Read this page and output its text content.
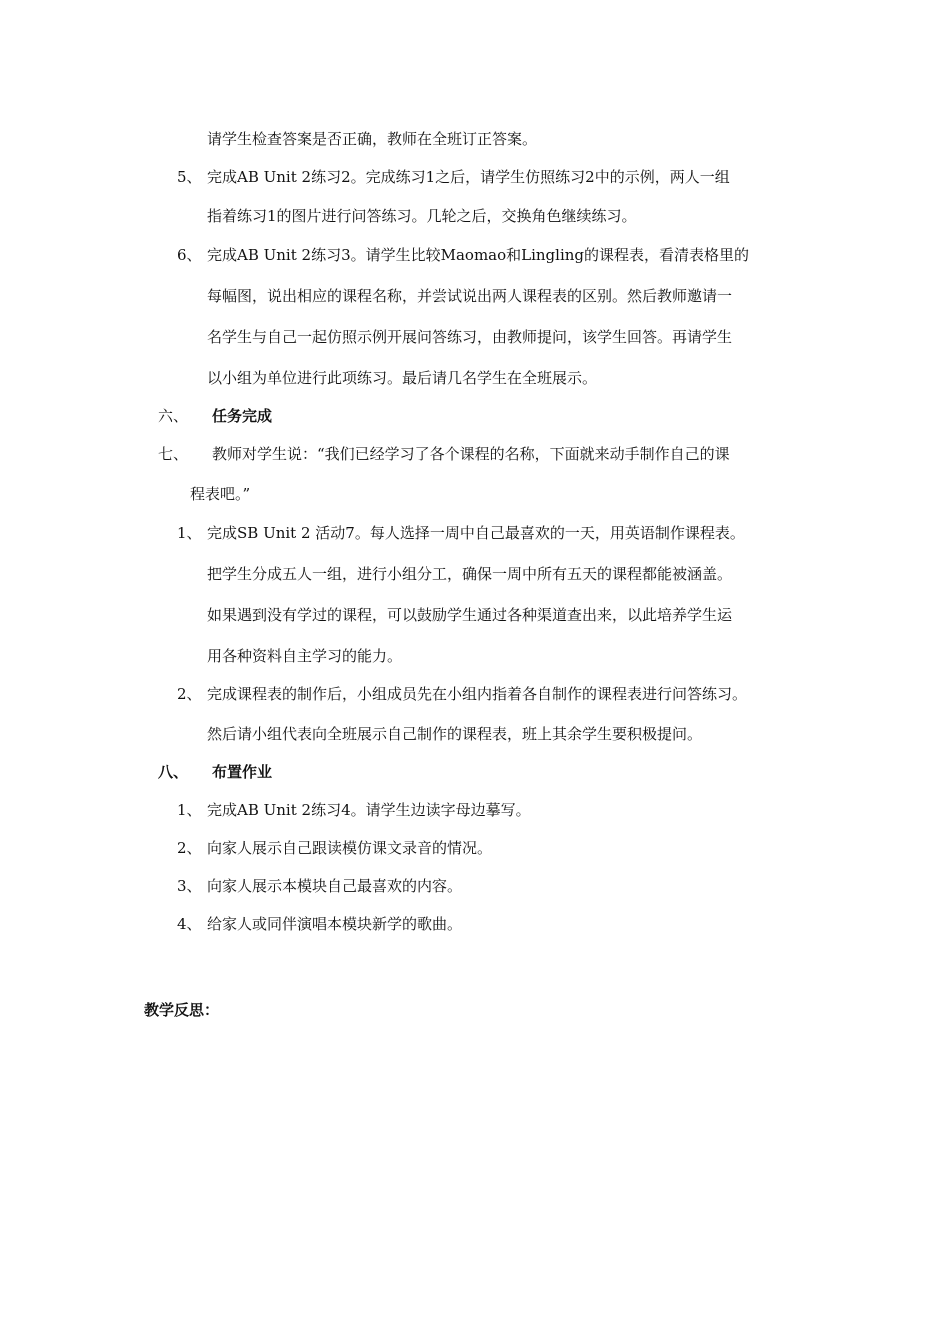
请学生检查答案是否正确，教师在全班订正答案。
5、 完成AB Unit 2练习2。完成练习1之后，请学生仿照练习2中的示例，两人一组
指着练习1的图片进行问答练习。几轮之后，交换角色继续练习。
6、 完成AB Unit 2练习3。请学生比较Maomao和Lingling的课程表，看清表格里的
每幅图，说出相应的课程名称，并尝试说出两人课程表的区别。然后教师邀请一
名学生与自己一起仿照示例开展问答练习，由教师提问，该学生回答。再请学生
以小组为单位进行此项练习。最后请几名学生在全班展示。
六、 任务完成
七、 教师对学生说：“我们已经学习了各个课程的名称，下面就来动手制作自己的课
程表吧。”
1、 完成SB Unit 2 活动7。每人选择一周中自己最喜欢的一天，用英语制作课程表。
把学生分成五人一组，进行小组分工，确保一周中所有五天的课程都能被涵盖。
如果遇到没有学过的课程，可以鼓励学生通过各种渠道查出来，以此培养学生运
用各种资料自主学习的能力。
2、 完成课程表的制作后，小组成员先在小组内指着各自制作的课程表进行问答练习。
然后请小组代表向全班展示自己制作的课程表，班上其余学生要积极提问。
八、 布置作业
1、 完成AB Unit 2练习4。请学生边读字母边摹写。
2、 向家人展示自己跟读模仿课文录音的情况。
3、 向家人展示本模块自己最喜欢的内容。
4、 给家人或同伴演唱本模块新学的歌曲。
教学反思：
